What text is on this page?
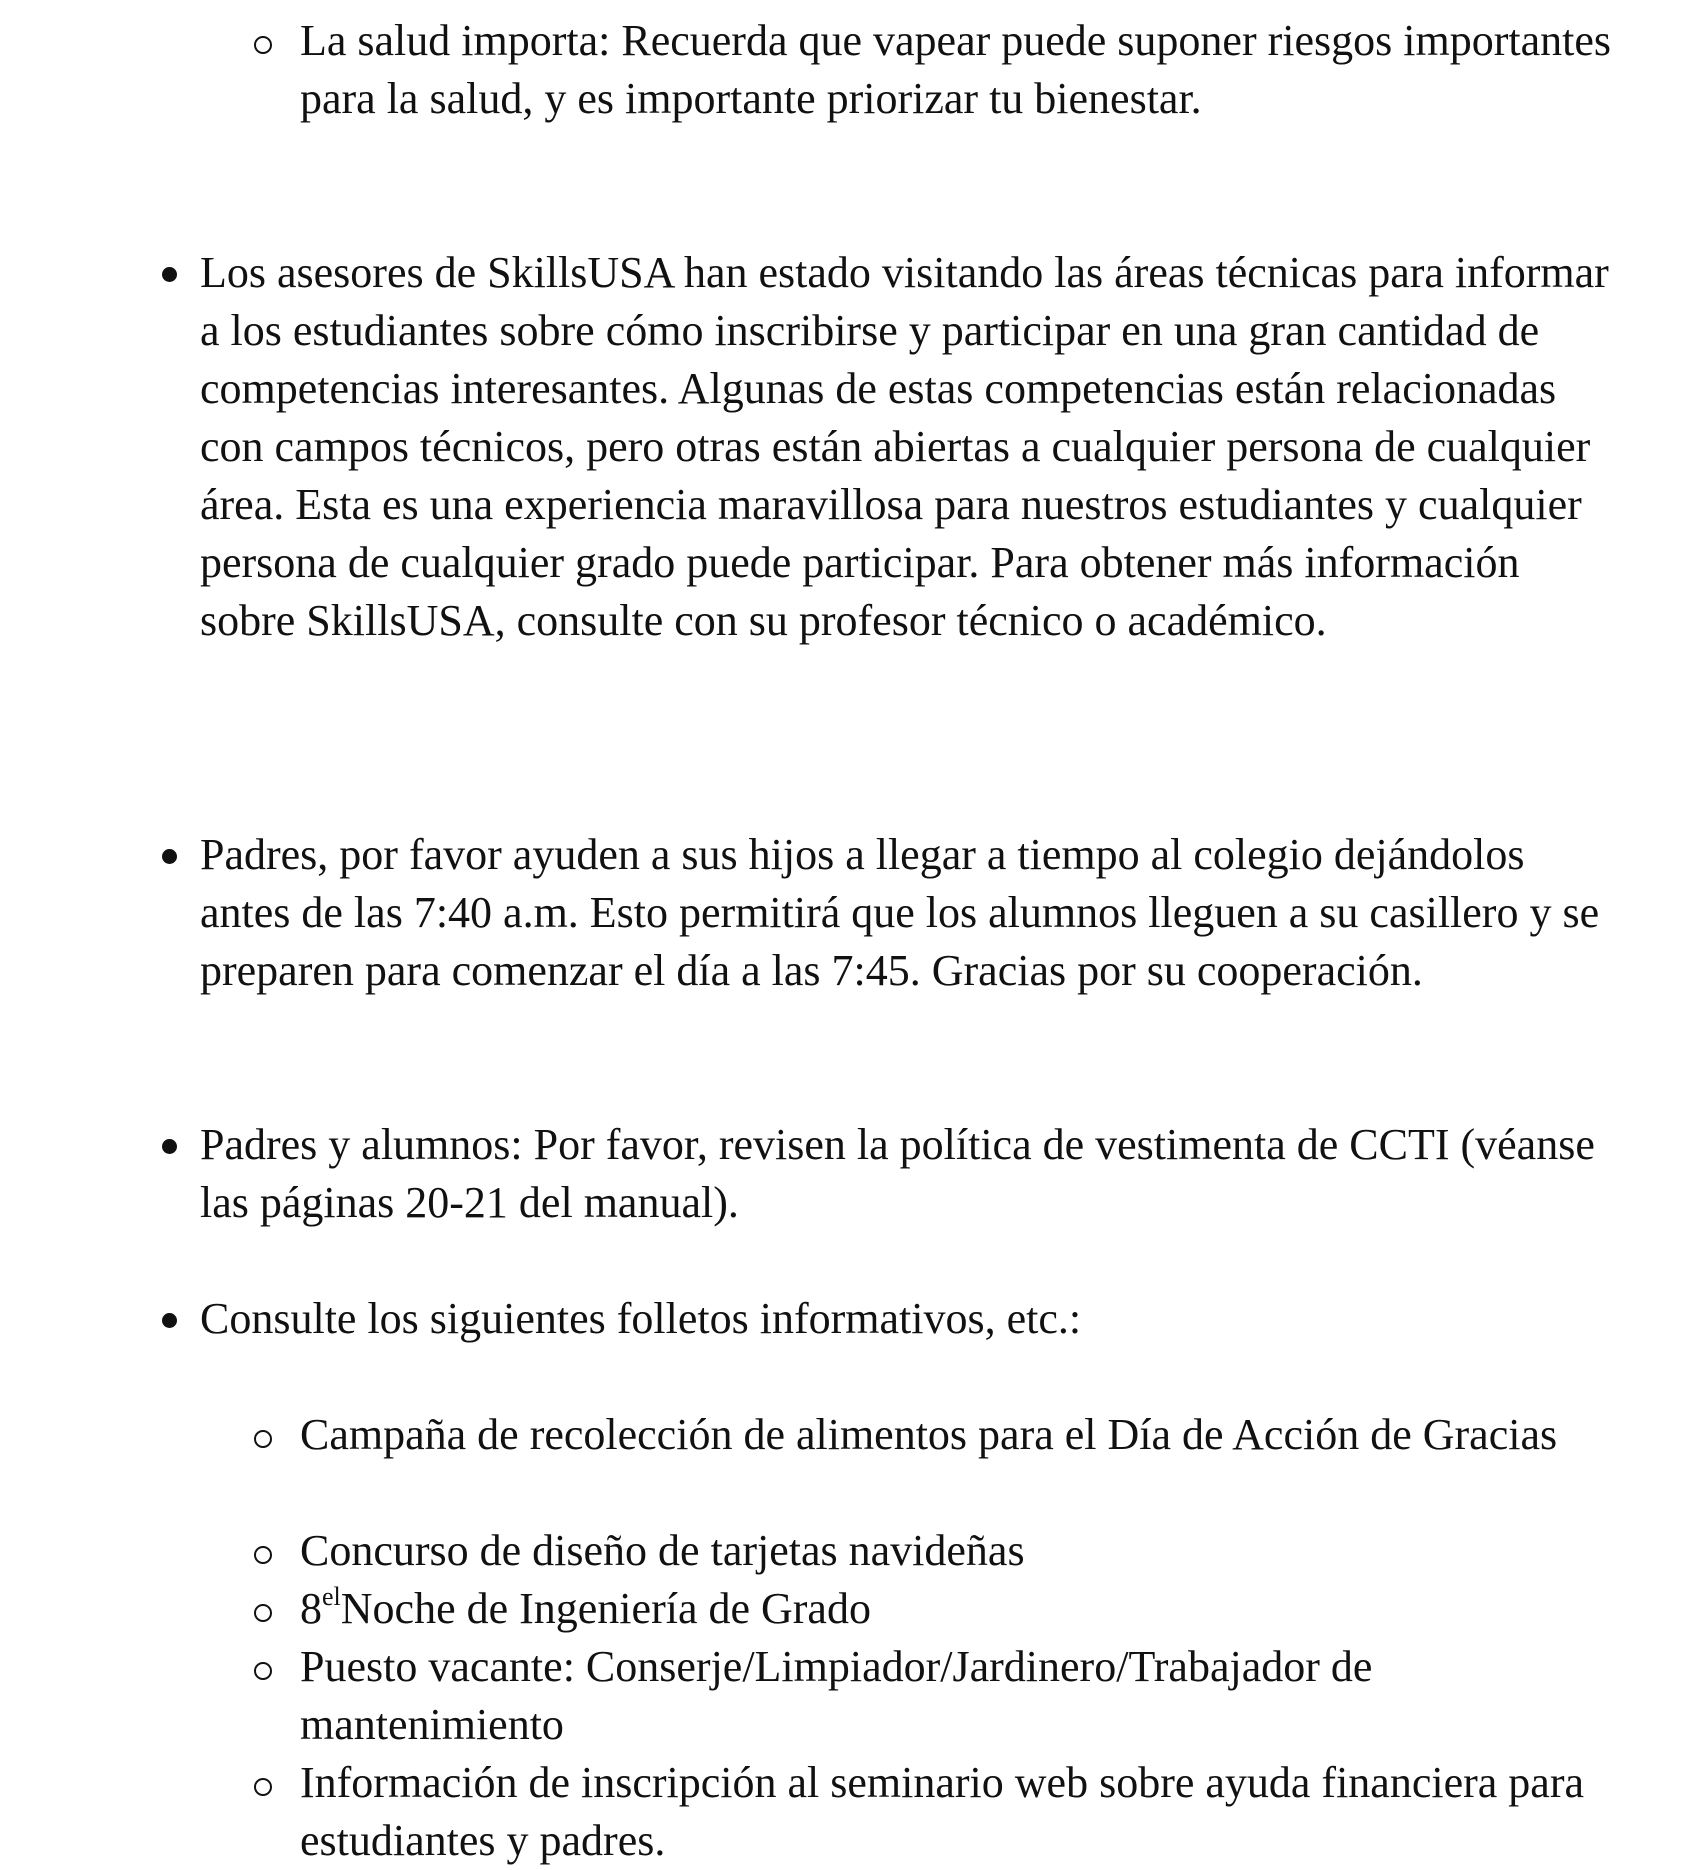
La salud importa: Recuerda que vapear puede suponer riesgos importantes para la salud, y es importante priorizar tu bienestar.
Los asesores de SkillsUSA han estado visitando las áreas técnicas para informar a los estudiantes sobre cómo inscribirse y participar en una gran cantidad de competencias interesantes. Algunas de estas competencias están relacionadas con campos técnicos, pero otras están abiertas a cualquier persona de cualquier área. Esta es una experiencia maravillosa para nuestros estudiantes y cualquier persona de cualquier grado puede participar. Para obtener más información sobre SkillsUSA, consulte con su profesor técnico o académico.
Padres, por favor ayuden a sus hijos a llegar a tiempo al colegio dejándolos antes de las 7:40 a.m. Esto permitirá que los alumnos lleguen a su casillero y se preparen para comenzar el día a las 7:45. Gracias por su cooperación.
Padres y alumnos: Por favor, revisen la política de vestimenta de CCTI (véanse las páginas 20-21 del manual).
Consulte los siguientes folletos informativos, etc.:
Campaña de recolección de alimentos para el Día de Acción de Gracias
Concurso de diseño de tarjetas navideñas
$8^{el}Noche$ de Ingeniería de Grado
Puesto vacante: Conserje/Limpiador/Jardinero/Trabajador de mantenimiento
Información de inscripción al seminario web sobre ayuda financiera para estudiantes y padres.
